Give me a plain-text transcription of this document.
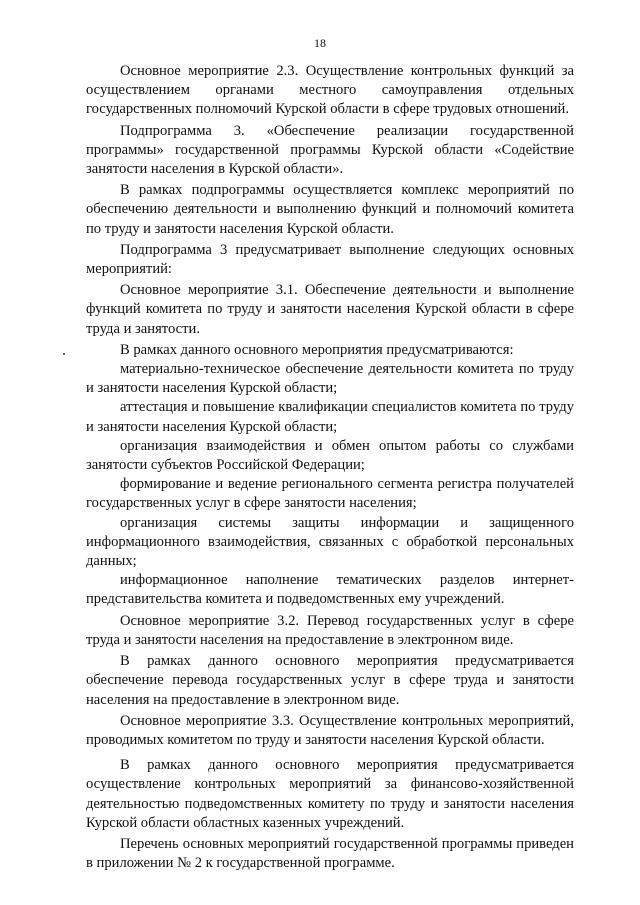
18

Основное мероприятие 2.3. Осуществление контрольных функций за осуществлением органами местного самоуправления отдельных государственных полномочий Курской области в сфере трудовых отношений.

Подпрограмма 3. «Обеспечение реализации государственной программы» государственной программы Курской области «Содействие занятости населения в Курской области».

В рамках подпрограммы осуществляется комплекс мероприятий по обеспечению деятельности и выполнению функций и полномочий комитета по труду и занятости населения Курской области.

Подпрограмма 3 предусматривает выполнение следующих основных мероприятий:

Основное мероприятие 3.1. Обеспечение деятельности и выполнение функций комитета по труду и занятости населения Курской области в сфере труда и занятости.

В рамках данного основного мероприятия предусматриваются:

материально-техническое обеспечение деятельности комитета по труду и занятости населения Курской области;

аттестация и повышение квалификации специалистов комитета по труду и занятости населения Курской области;

организация взаимодействия и обмен опытом работы со службами занятости субъектов Российской Федерации;

формирование и ведение регионального сегмента регистра получателей государственных услуг в сфере занятости населения;

организация системы защиты информации и защищенного информационного взаимодействия, связанных с обработкой персональных данных;

информационное наполнение тематических разделов интернет-представительства комитета и подведомственных ему учреждений.

Основное мероприятие 3.2. Перевод государственных услуг в сфере труда и занятости населения на предоставление в электронном виде.

В рамках данного основного мероприятия предусматривается обеспечение перевода государственных услуг в сфере труда и занятости населения на предоставление в электронном виде.

Основное мероприятие 3.3. Осуществление контрольных мероприятий, проводимых комитетом по труду и занятости населения Курской области.

В рамках данного основного мероприятия предусматривается осуществление контрольных мероприятий за финансово-хозяйственной деятельностью подведомственных комитету по труду и занятости населения Курской области областных казенных учреждений.

Перечень основных мероприятий государственной программы приведен в приложении № 2 к государственной программе.
